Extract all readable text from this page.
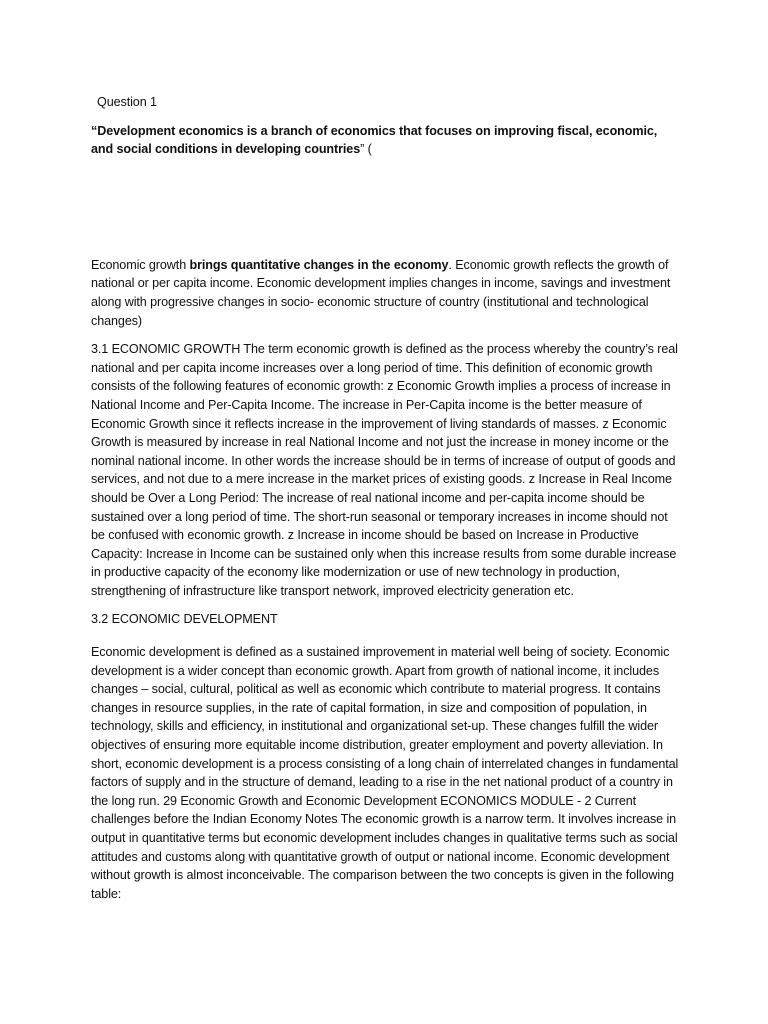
Question 1

“Development economics is a branch of economics that focuses on improving fiscal, economic, and social conditions in developing countries” (

Economic growth brings quantitative changes in the economy. Economic growth reflects the growth of national or per capita income. Economic development implies changes in income, savings and investment along with progressive changes in socio- economic structure of country (institutional and technological changes)

3.1 ECONOMIC GROWTH The term economic growth is defined as the process whereby the country’s real national and per capita income increases over a long period of time. This definition of economic growth consists of the following features of economic growth: z Economic Growth implies a process of increase in National Income and Per-Capita Income. The increase in Per-Capita income is the better measure of Economic Growth since it reflects increase in the improvement of living standards of masses. z Economic Growth is measured by increase in real National Income and not just the increase in money income or the nominal national income. In other words the increase should be in terms of increase of output of goods and services, and not due to a mere increase in the market prices of existing goods. z Increase in Real Income should be Over a Long Period: The increase of real national income and per-capita income should be sustained over a long period of time. The short-run seasonal or temporary increases in income should not be confused with economic growth. z Increase in income should be based on Increase in Productive Capacity: Increase in Income can be sustained only when this increase results from some durable increase in productive capacity of the economy like modernization or use of new technology in production, strengthening of infrastructure like transport network, improved electricity generation etc.

3.2 ECONOMIC DEVELOPMENT

Economic development is defined as a sustained improvement in material well being of society. Economic development is a wider concept than economic growth. Apart from growth of national income, it includes changes – social, cultural, political as well as economic which contribute to material progress. It contains changes in resource supplies, in the rate of capital formation, in size and composition of population, in technology, skills and efficiency, in institutional and organizational set-up. These changes fulfill the wider objectives of ensuring more equitable income distribution, greater employment and poverty alleviation. In short, economic development is a process consisting of a long chain of interrelated changes in fundamental factors of supply and in the structure of demand, leading to a rise in the net national product of a country in the long run. 29 Economic Growth and Economic Development ECONOMICS MODULE - 2 Current challenges before the Indian Economy Notes The economic growth is a narrow term. It involves increase in output in quantitative terms but economic development includes changes in qualitative terms such as social attitudes and customs along with quantitative growth of output or national income. Economic development without growth is almost inconceivable. The comparison between the two concepts is given in the following table:
